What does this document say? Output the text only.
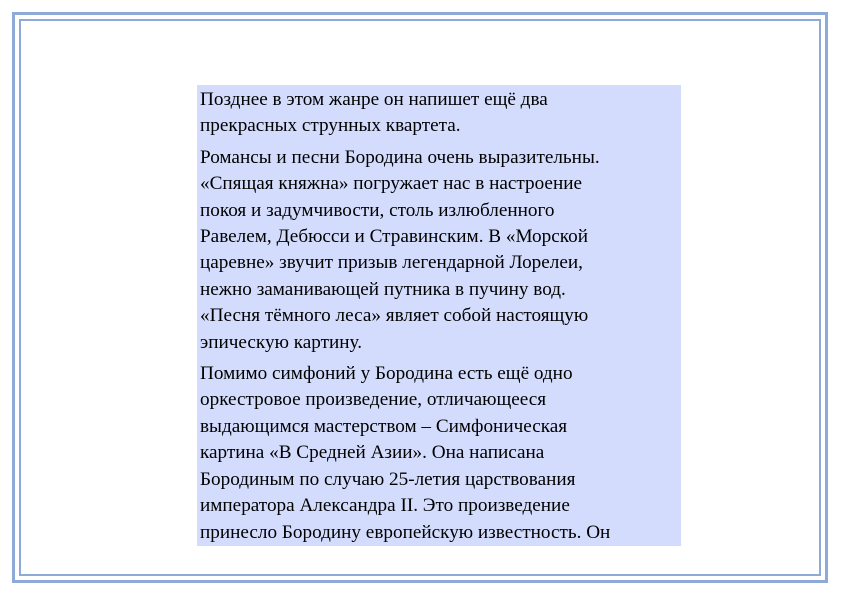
Позднее в этом жанре он напишет ещё два
прекрасных струнных квартета.

Романсы и песни Бородина очень выразительны.
«Спящая княжна» погружает нас в настроение
покоя и задумчивости, столь излюбленного
Равелем, Дебюсси и Стравинским. В «Морской
царевне» звучит призыв легендарной Лорелеи,
нежно заманивающей путника в пучину вод.
«Песня тёмного леса» являет собой настоящую
эпическую картину.

Помимо симфоний у Бородина есть ещё одно
оркестровое произведение, отличающееся
выдающимся мастерством – Симфоническая
картина «В Средней Азии». Она написана
Бородиным по случаю 25-летия царствования
императора Александра II. Это произведение
принесло Бородину европейскую известность. Он
